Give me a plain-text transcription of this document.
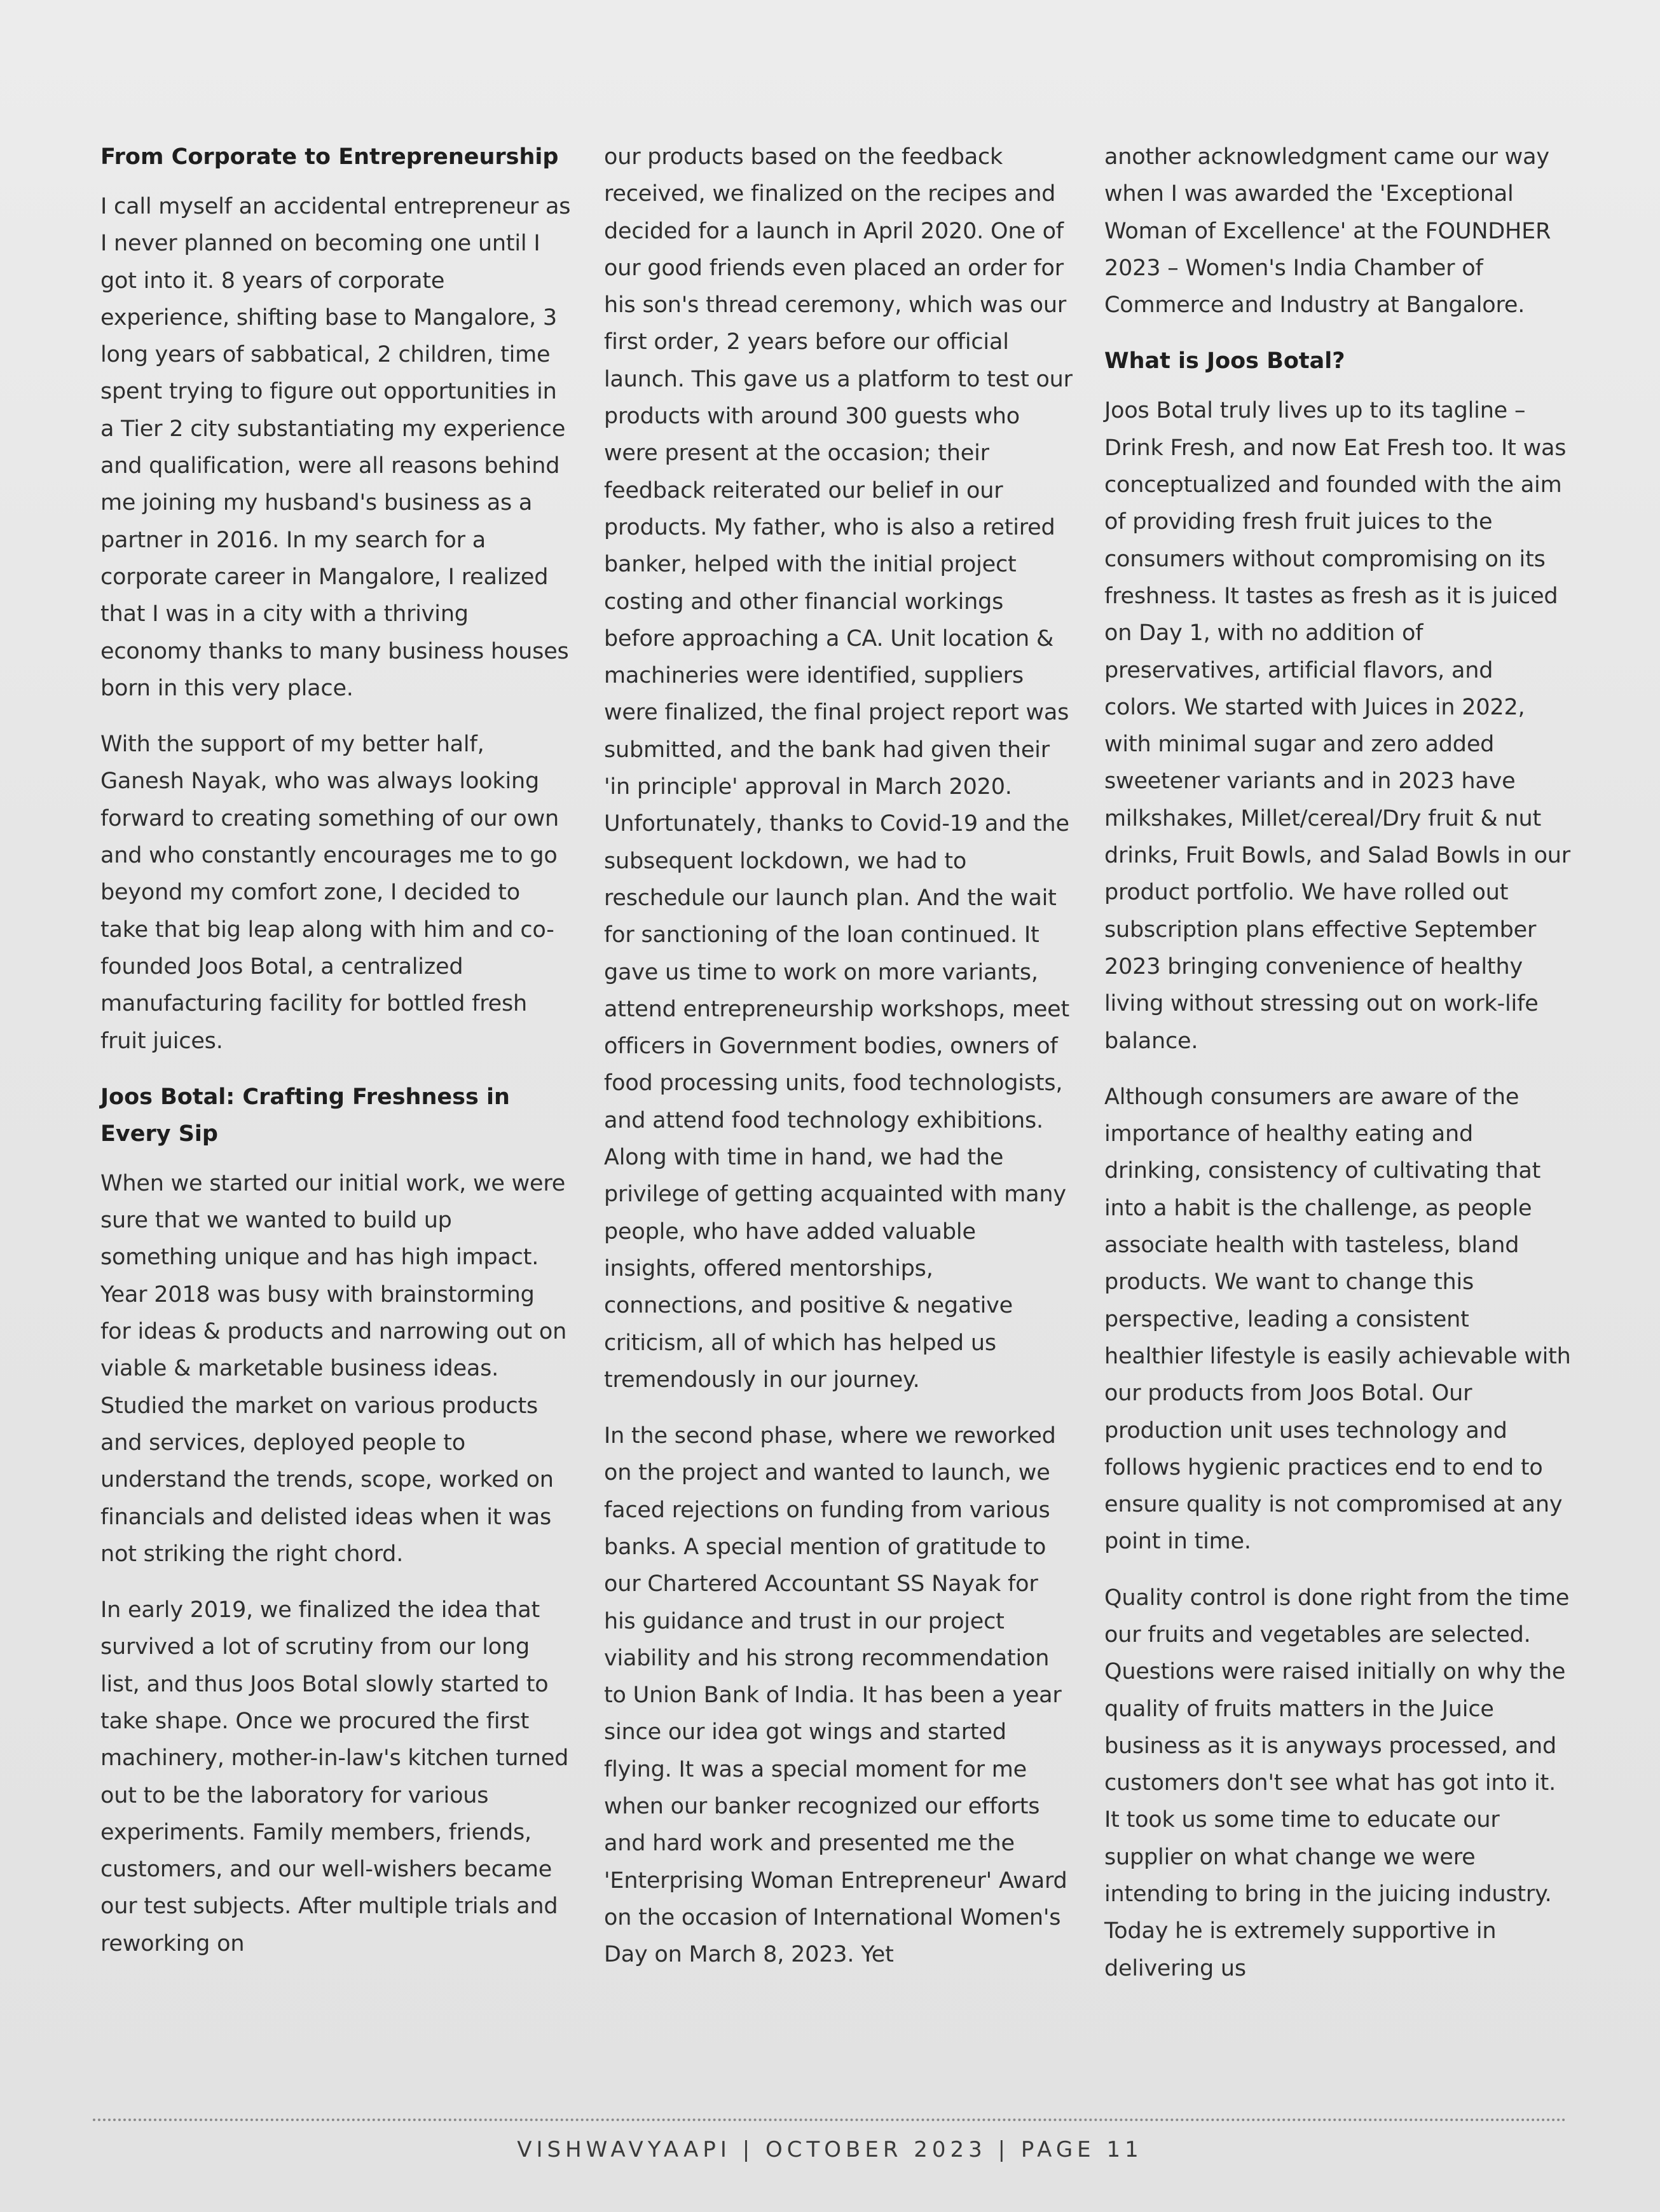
From Corporate to Entrepreneurship

I call myself an accidental entrepreneur as I never planned on becoming one until I got into it. 8 years of corporate experience, shifting base to Mangalore, 3 long years of sabbatical, 2 children, time spent trying to figure out opportunities in a Tier 2 city substantiating my experience and qualification, were all reasons behind me joining my husband's business as a partner in 2016. In my search for a corporate career in Mangalore, I realized that I was in a city with a thriving economy thanks to many business houses born in this very place.

With the support of my better half, Ganesh Nayak, who was always looking forward to creating something of our own and who constantly encourages me to go beyond my comfort zone, I decided to take that big leap along with him and co-founded Joos Botal, a centralized manufacturing facility for bottled fresh fruit juices.

Joos Botal: Crafting Freshness in Every Sip

When we started our initial work, we were sure that we wanted to build up something unique and has high impact. Year 2018 was busy with brainstorming for ideas & products and narrowing out on viable & marketable business ideas. Studied the market on various products and services, deployed people to understand the trends, scope, worked on financials and delisted ideas when it was not striking the right chord.

In early 2019, we finalized the idea that survived a lot of scrutiny from our long list, and thus Joos Botal slowly started to take shape. Once we procured the first machinery, mother-in-law's kitchen turned out to be the laboratory for various experiments. Family members, friends, customers, and our well-wishers became our test subjects. After multiple trials and reworking on

our products based on the feedback received, we finalized on the recipes and decided for a launch in April 2020. One of our good friends even placed an order for his son's thread ceremony, which was our first order, 2 years before our official launch. This gave us a platform to test our products with around 300 guests who were present at the occasion; their feedback reiterated our belief in our products. My father, who is also a retired banker, helped with the initial project costing and other financial workings before approaching a CA. Unit location & machineries were identified, suppliers were finalized, the final project report was submitted, and the bank had given their 'in principle' approval in March 2020. Unfortunately, thanks to Covid-19 and the subsequent lockdown, we had to reschedule our launch plan. And the wait for sanctioning of the loan continued. It gave us time to work on more variants, attend entrepreneurship workshops, meet officers in Government bodies, owners of food processing units, food technologists, and attend food technology exhibitions. Along with time in hand, we had the privilege of getting acquainted with many people, who have added valuable insights, offered mentorships, connections, and positive & negative criticism, all of which has helped us tremendously in our journey.

In the second phase, where we reworked on the project and wanted to launch, we faced rejections on funding from various banks. A special mention of gratitude to our Chartered Accountant SS Nayak for his guidance and trust in our project viability and his strong recommendation to Union Bank of India. It has been a year since our idea got wings and started flying. It was a special moment for me when our banker recognized our efforts and hard work and presented me the 'Enterprising Woman Entrepreneur' Award on the occasion of International Women's Day on March 8, 2023. Yet

another acknowledgment came our way when I was awarded the 'Exceptional Woman of Excellence' at the FOUNDHER 2023 – Women's India Chamber of Commerce and Industry at Bangalore.

What is Joos Botal?

Joos Botal truly lives up to its tagline – Drink Fresh, and now Eat Fresh too. It was conceptualized and founded with the aim of providing fresh fruit juices to the consumers without compromising on its freshness. It tastes as fresh as it is juiced on Day 1, with no addition of preservatives, artificial flavors, and colors. We started with Juices in 2022, with minimal sugar and zero added sweetener variants and in 2023 have milkshakes, Millet/cereal/Dry fruit & nut drinks, Fruit Bowls, and Salad Bowls in our product portfolio. We have rolled out subscription plans effective September 2023 bringing convenience of healthy living without stressing out on work-life balance.

Although consumers are aware of the importance of healthy eating and drinking, consistency of cultivating that into a habit is the challenge, as people associate health with tasteless, bland products. We want to change this perspective, leading a consistent healthier lifestyle is easily achievable with our products from Joos Botal. Our production unit uses technology and follows hygienic practices end to end to ensure quality is not compromised at any point in time.

Quality control is done right from the time our fruits and vegetables are selected. Questions were raised initially on why the quality of fruits matters in the Juice business as it is anyways processed, and customers don't see what has got into it. It took us some time to educate our supplier on what change we were intending to bring in the juicing industry. Today he is extremely supportive in delivering us

VISHWAVYAAPI | OCTOBER 2023 | PAGE 11
